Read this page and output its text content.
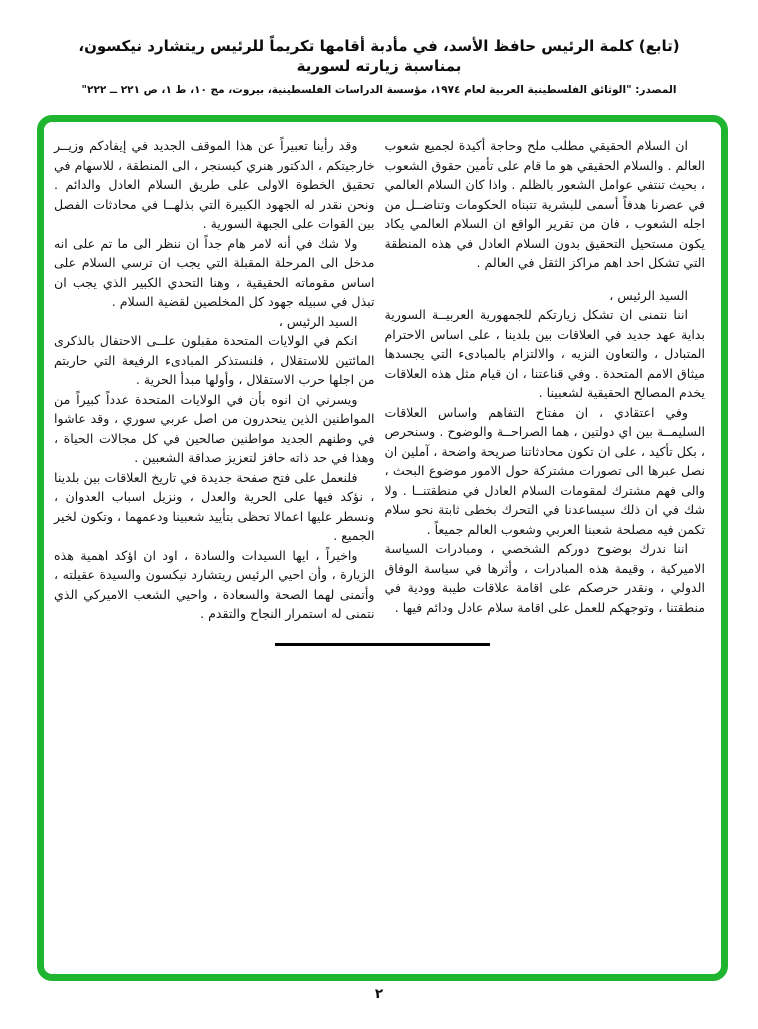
(تابع) كلمة الرئيس حافظ الأسد، في مأدبة أقامها تكريماً للرئيس ريتشارد نيكسون، بمناسبة زيارته لسورية
المصدر: "الوثائق الفلسطينية العربية لعام ١٩٧٤، مؤسسة الدراسات الفلسطينية، بيروت، مج ١٠، ط ١، ص ٢٢١ ــ ٢٢٢"

ان السلام الحقيقي مطلب ملح وحاجة أكيدة لجميع شعوب العالم . والسلام الحقيقي هو ما قام على تأمين حقوق الشعوب ، بحيث تنتفي عوامل الشعور بالظلم . واذا كان السلام العالمي في عصرنا هدفاً أسمى للبشرية تتبناه الحكومات وتناضــل من اجله الشعوب ، فان من تقرير الواقع ان السلام العالمي يكاد يكون مستحيل التحقيق بدون السلام العادل في هذه المنطقة التي تشكل احد اهم مراكز الثقل في العالم .

السيد الرئيس ،

اننا نتمنى ان تشكل زيارتكم للجمهورية العربيــة السورية بداية عهد جديد في العلاقات بين بلدينا ، على اساس الاحترام المتبادل ، والتعاون النزيه ، والالتزام بالمبادىء التي يجسدها ميثاق الامم المتحدة . وفي قناعتنا ، ان قيام مثل هذه العلاقات يخدم المصالح الحقيقية لشعبينا .

وفي اعتقادي ، ان مفتاح التفاهم واساس العلاقات السليمــة بين اي دولتين ، هما الصراحــة والوضوح . وسنحرص ، بكل تأكيد ، على ان تكون محادثاتنا صريحة واضحة ، آملين ان نصل عبرها الى تصورات مشتركة حول الامور موضوع البحث ، والى فهم مشترك لمقومات السلام العادل في منطقتنــا . ولا شك في ان ذلك سيساعدنا في التحرك بخطى ثابتة نحو سلام تكمن فيه مصلحة شعبنا العربي وشعوب العالم جميعاً .

اننا ندرك بوضوح دوركم الشخصي ، ومبادرات السياسة الاميركية ، وقيمة هذه المبادرات ، وأثرها في سياسة الوفاق الدولي ، ونقدر حرصكم على اقامة علاقات طيبة وودية في منطقتنا ، وتوجهكم للعمل على اقامة سلام عادل ودائم فيها .

وقد رأينا تعبيراً عن هذا الموقف الجديد في إيفادكم وزيــر خارجيتكم ، الدكتور هنري كيسنجر ، الى المنطقة ، للاسهام في تحقيق الخطوة الاولى على طريق السلام العادل والدائم . ونحن نقدر له الجهود الكبيرة التي بذلهــا في محادثات الفصل بين القوات على الجبهة السورية .

ولا شك في أنه لامر هام جداً ان ننظر الى ما تم على انه مدخل الى المرحلة المقبلة التي يجب ان ترسي السلام على اساس مقوماته الحقيقية ، وهنا التحدي الكبير الذي يجب ان تبذل في سبيله جهود كل المخلصين لقضية السلام .

السيد الرئيس ،

انكم في الولايات المتحدة مقبلون علــى الاحتفال بالذكرى المائتين للاستقلال ، فلنستذكر المبادىء الرفيعة التي حاربتم من اجلها حرب الاستقلال ، وأولها مبدأ الحرية .

ويسرني ان انوه بأن في الولايات المتحدة عدداً كبيراً من المواطنين الذين ينحدرون من اصل عربي سوري ، وقد عاشوا في وطنهم الجديد مواطنين صالحين في كل مجالات الحياة ، وهذا في حد ذاته حافز لتعزيز صداقة الشعبين .

فلنعمل على فتح صفحة جديدة في تاريخ العلاقات بين بلدينا ، نؤكد فيها على الحرية والعدل ، ونزيل اسباب العدوان ، ونسطر عليها اعمالا تحظى بتأييد شعبينا ودعمهما ، وتكون لخير الجميع .

واخيراً ، ايها السيدات والسادة ، اود ان اؤكد اهمية هذه الزيارة ، وأن احيي الرئيس ريتشارد نيكسون والسيدة عقيلته ، وأتمنى لهما الصحة والسعادة ، واحيي الشعب الاميركي الذي نتمنى له استمرار النجاح والتقدم .

٢
